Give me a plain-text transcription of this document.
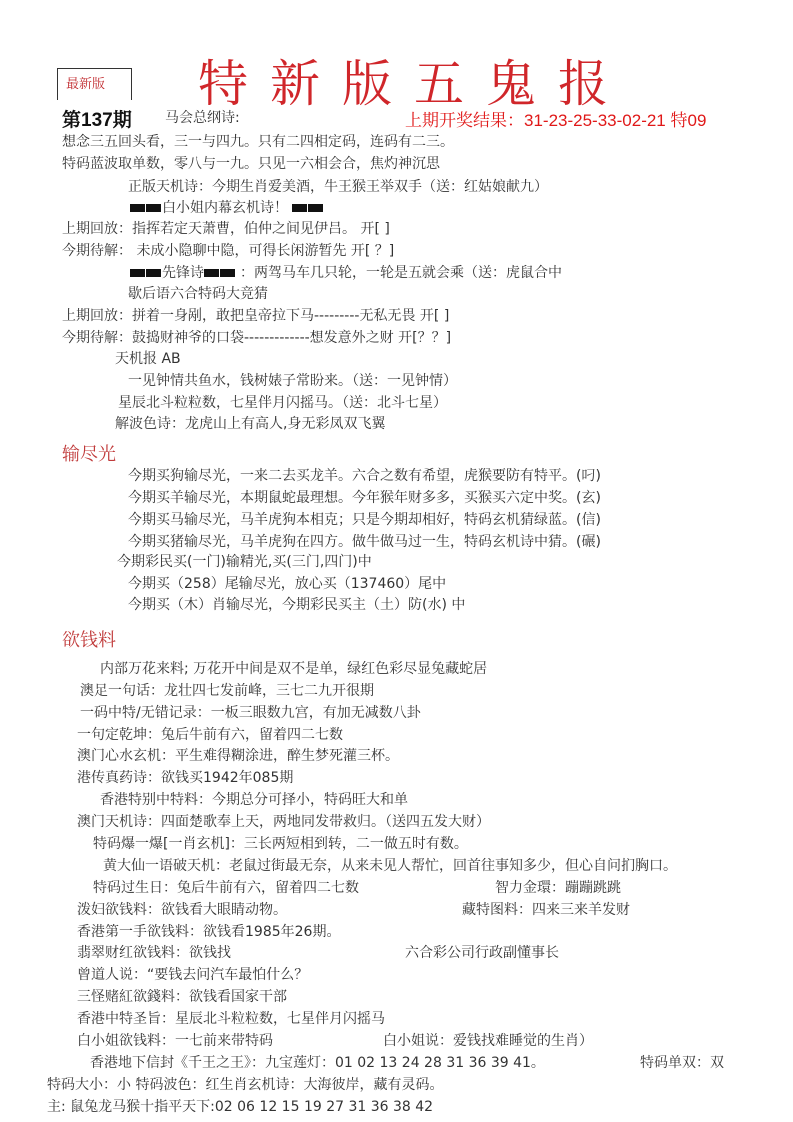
特新版五鬼报
最新版
第137期	上期开奖结果：31-23-25-33-02-21 特09
输尽光
欲钱料
马会总纲诗:
想念三五回头看，三一与四九。只有二四相定码，连码有二三。
特码蓝波取单数，零八与一九。只见一六相会合，焦灼神沉思
正版天机诗：今期生肖爱美酒，牛王猴王举双手（送：红姑娘献九）
白小姐内幕玄机诗！
上期回放：指挥若定天萧曹，伯仲之间见伊吕。 开[ ]
今期待解： 未成小隐聊中隐，可得长闲游暂先 开[ ？]
先锋诗	：两驾马车几只轮，一轮是五就会乘（送：虎鼠合中
歇后语六合特码大竞猜
上期回放：拼着一身剐，敢把皇帝拉下马---------无私无畏 开[ ]
今期待解：鼓捣财神爷的口袋-------------想发意外之财 开[？？]
天机报 AB
一见钟情共鱼水，钱树婊子常盼来。（送：一见钟情）
星辰北斗粒粒数，七星伴月闪摇马。（送：北斗七星）
解波色诗：龙虎山上有高人,身无彩凤双飞翼
今期买狗输尽光，一来二去买龙羊。六合之数有希望，虎猴要防有特平。(叼)
今期买羊输尽光，本期鼠蛇最理想。今年猴年财多多，买猴买六定中奖。(玄)
今期买马输尽光，马羊虎狗本相克；只是今期却相好，特码玄机猜绿蓝。(信)
今期买猪输尽光，马羊虎狗在四方。做牛做马过一生，特码玄机诗中猜。(碾)
今期彩民买(一门)输精光,买(三门,四门)中
今期买（258）尾输尽光，放心买（137460）尾中
今期买（木）肖输尽光，今期彩民买主（土）防(水) 中
内部万花来料; 万花开中间是双不是单，绿红色彩尽显兔藏蛇居
澳足一句话：龙壮四七发前峰，三七二九开很期
一码中特/无错记录：一板三眼数九宫，有加无减数八卦
一句定乾坤：兔后牛前有六，留着四二七数
澳门心水玄机：平生难得糊涂进，醉生梦死灌三杯。
港传真药诗：欲钱买1942年085期
香港特别中特料：今期总分可择小，特码旺大和单
澳门天机诗：四面楚歌奉上天，两地同发带救归。（送四五发大财）
特码爆一爆[一肖玄机]：三长两短相到转，二一做五时有数。
黄大仙一语破天机：老鼠过街最无奈，从来未见人帮忙，回首往事知多少，但心自问扪胸口。
特码过生日：兔后牛前有六，留着四二七数	智力金環：蹦蹦跳跳
泼妇欲钱料：欲钱看大眼睛动物。	藏特图料：四来三来羊发财
香港第一手欲钱料：欲钱看1985年26期。
翡翠财红欲钱料：欲钱找	六合彩公司行政副懂事长
曾道人说：“要钱去问汽车最怕什么？
三怪赌紅欲錢料：欲钱看国家干部
香港中特圣旨：星辰北斗粒粒数，七星伴月闪摇马
白小姐欲钱料：一七前来带特码	白小姐说：爱钱找难睡觉的生肖）
香港地下信封《千王之王》：九宝莲灯：01 02 13 24 28 31 36 39 41。	特码单双：双
特码大小：小 特码波色：红生肖玄机诗：大海彼岸，藏有灵码。
主: 鼠兔龙马猴十指平天下:02 06 12 15 19 27 31 36 38 42
